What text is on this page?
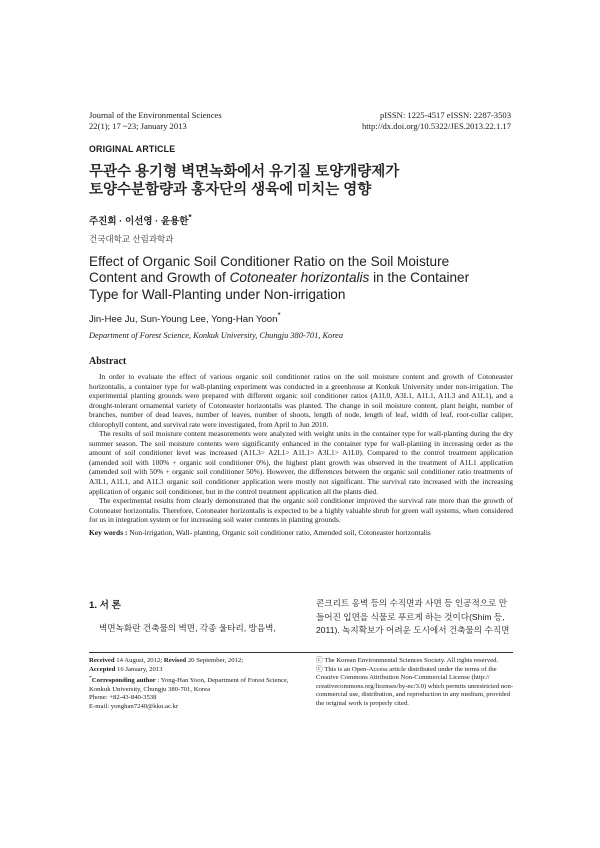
Journal of the Environmental Sciences
22(1); 17 ~23; January 2013
pISSN: 1225-4517 eISSN: 2287-3503
http://dx.doi.org/10.5322/JES.2013.22.1.17
ORIGINAL ARTICLE
무관수 용기형 벽면녹화에서 유기질 토양개량제가
토양수분함량과 홍자단의 생육에 미치는 영향
주진희 · 이선영 · 윤용한*
건국대학교 산림과학과
Effect of Organic Soil Conditioner Ratio on the Soil Moisture
Content and Growth of Cotoneater horizontalis in the Container
Type for Wall-Planting under Non-irrigation
Jin-Hee Ju, Sun-Young Lee, Yong-Han Yoon*
Department of Forest Science, Konkuk University, Chungju 380-701, Korea
Abstract

In order to evaluate the effect of various organic soil conditioner ratios on the soil moisture content and growth of Cotoneaster horizontalis, a container type for wall-planting experiment was conducted in a greenhouse at Konkuk University under non-irrigation. The experimental planting grounds were prepared with different organic soil conditioner ratios (A1L0, A3L1, A1L1, A1L3 and A1L1), and a drought-tolerant ornamental variety of Cotoneaster horizontalis was planted. The change in soil moisture content, plant height, number of branches, number of dead leaves, number of leaves, number of shoots, length of node, length of leaf, width of leaf, root-collar caliper, chlorophyll content, and survival rate were investigated, from April to Jun 2010.

The results of soil moisture content measurements were analyzed with weight units in the container type for wall-planting during the dry summer season. The soil moisture contents were significantly enhanced in the container type for wall-planting in increasing order as the amount of soil conditioner level was increased (A1L3> A2L1> A1L1> A3L1> A1L0). Compared to the control treatment application (amended soil with 100% + organic soil conditioner 0%), the highest plant growth was observed in the treatment of A1L1 application (amended soil with 50% + organic soil conditioner 50%). However, the differences between the organic soil conditioner ratio treatments of A3L1, A1L1, and A1L3 organic soil conditioner application were mostly not significant. The survival rate increased with the increasing application of organic soil conditioner, but in the control treatment application all the plants died.

The experimental results from clearly demonstrated that the organic soil conditioner improved the survival rate more than the growth of Cotoneater horizontalis. Therefore, Cotoneater horizontalis is expected to be a highly valuable shrub for green wall systems, when considered for us in integration system or for increasing soil water contents in planting grounds.

Key words : Non-irrigation, Wall- planting, Organic soil conditioner ratio, Amended soil, Cotoneaster horizontalis

1. 서 론
벽면녹화란 건축물의 벽면, 각종 울타리, 방음벽,
콘크리트 옹벽 등의 수직면과 사면 등 인공적으로 만
들어진 입면을 식물로 푸르게 하는 것이다(Shim 등,
2011). 녹지확보가 어려운 도시에서 건축물의 수직면
Received 14 August, 2012; Revised 20 September, 2012;
Accepted 16 January, 2013
*Corresponding author : Yong-Han Yoon, Department of Forest Science, Konkuk University, Chungju 380-701, Korea
Phone: +82-43-840-3538
E-mail: yonghan7240@kku.ac.kr
ⓒ The Korean Environmental Sciences Society. All rights reserved.
ⓒ This is an Open-Access article distributed under the terms of the Creative Commons Attribution Non-Commercial License (http:// creativecommons.org/licenses/by-nc/3.0) which permits unrestricted non-commercial use, distribution, and reproduction in any medium, provided the original work is properly cited.
